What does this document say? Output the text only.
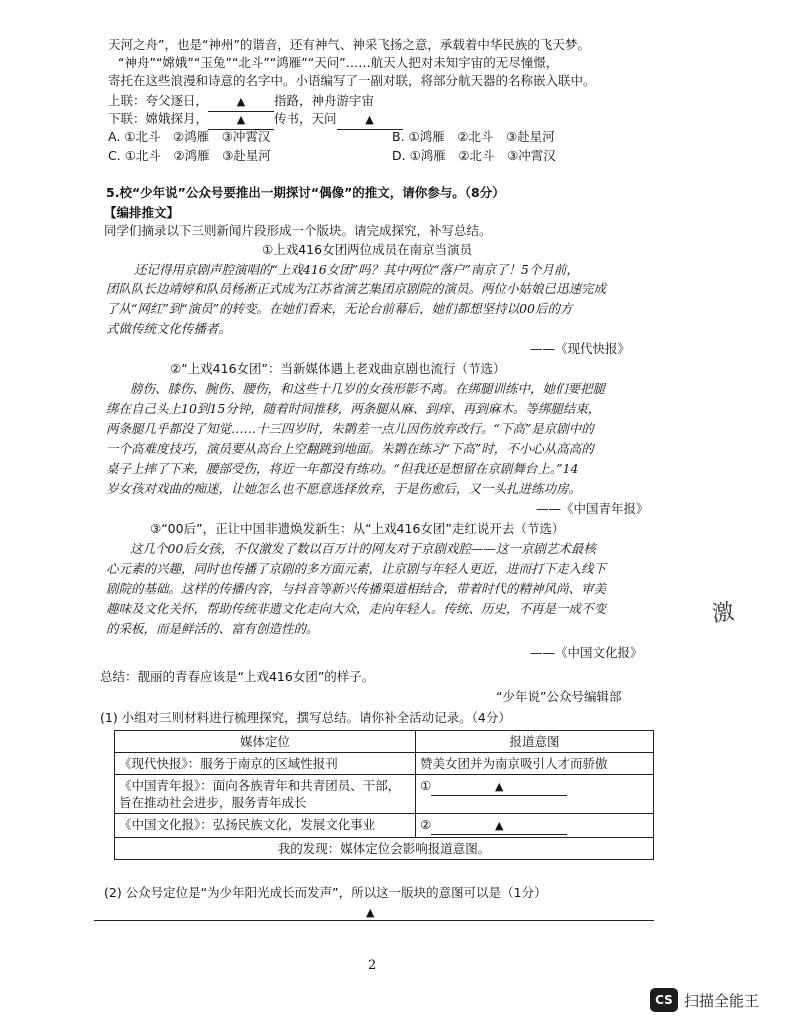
天河之舟”，也是“神州”的谐音，还有神气、神采飞扬之意，承载着中华民族的飞天梦。
“神舟”“嫦娥”“玉兔”“北斗”“鸿雁”“天问”……航天人把对未知宇宙的无尽憧憬，
寄托在这些浪漫和诗意的名字中。小语编写了一副对联，将部分航天器的名称嵌入联中。
上联：夸父逐日，	▲ 指路，神舟游宇宙
下联：嫦娥探月，	▲ 传书，天问	▲
A. ①北斗　②鸿雁　③冲霄汉	B. ①鸿雁　②北斗　③赴星河
C. ①北斗　②鸿雁　③赴星河	D. ①鸿雁　②北斗　③冲霄汉
5.校“少年说”公众号要推出一期探讨“偶像”的推文，请你参与。（8分）
【编排推文】
同学们摘录以下三则新闻片段形成一个版块。请完成探究，补写总结。
①上戏416女团两位成员在南京当演员
还记得用京剧声腔演唱的“上戏416女团”吗？其中两位“落户”南京了！5个月前，
团队队长边靖婷和队员杨淅正式成为江苏省演艺集团京剧院的演员。两位小姑娘已迅速完成
了从“网红”到“演员”的转变。在她们看来，无论台前幕后，她们都想坚持以00后的方
式做传统文化传播者。
——《现代快报》
②“上戏416女团”：当新媒体遇上老戏曲京剧也流行（节选）
膀伤、膝伤、腕伤、腰伤，和这些十几岁的女孩形影不离。在绑腿训练中，她们要把腿
绑在自己头上10到15分钟，随着时间推移，两条腿从麻、到痒、再到麻木。等绑腿结束，
两条腿几乎都没了知觉……十三四岁时，朱鹮差一点儿因伤放弃改行。“下高”是京剧中的
一个高难度技巧，演员要从高台上空翻跳到地面。朱鹮在练习“下高”时，不小心从高高的
桌子上摔了下来，腰部受伤，将近一年都没有练功。“但我还是想留在京剧舞台上。”14
岁女孩对戏曲的痴迷，让她怎么也不愿意选择放弃，于是伤愈后，又一头扎进练功房。
——《中国青年报》
③“00后”，正让中国非遗焕发新生：从“上戏416女团”走红说开去（节选）
这几个00后女孩，不仅激发了数以百万计的网友对于京剧戏腔——这一京剧艺术最核
心元素的兴趣，同时也传播了京剧的多方面元素，让京剧与年轻人更近，进而打下走入线下
剧院的基础。这样的传播内容，与抖音等新兴传播渠道相结合，带着时代的精神风尚、审美
趣味及文化关怀，帮助传统非遗文化走向大众，走向年轻人。传统、历史，不再是一成不变
的采板，而是鲜活的、富有创造性的。
——《中国文化报》
总结：靓丽的青春应该是“上戏416女团”的样子。
“少年说”公众号编辑部
(1) 小组对三则材料进行梳理探究，撰写总结。请你补全活动记录。（4分）
媒体定位	报道意图
《现代快报》：服务于南京的区域性报刊	赞美女团并为南京吸引人才而骄傲
《中国青年报》：面向各族青年和共青团员、干部，旨在推动社会进步，服务青年成长	① ▲
《中国文化报》：弘扬民族文化，发展文化事业	② ▲
我的发现：媒体定位会影响报道意图。	
(2) 公众号定位是“为少年阳光成长而发声”，所以这一版块的意图可以是（1分）
▲
激
2
CS 扫描全能王
